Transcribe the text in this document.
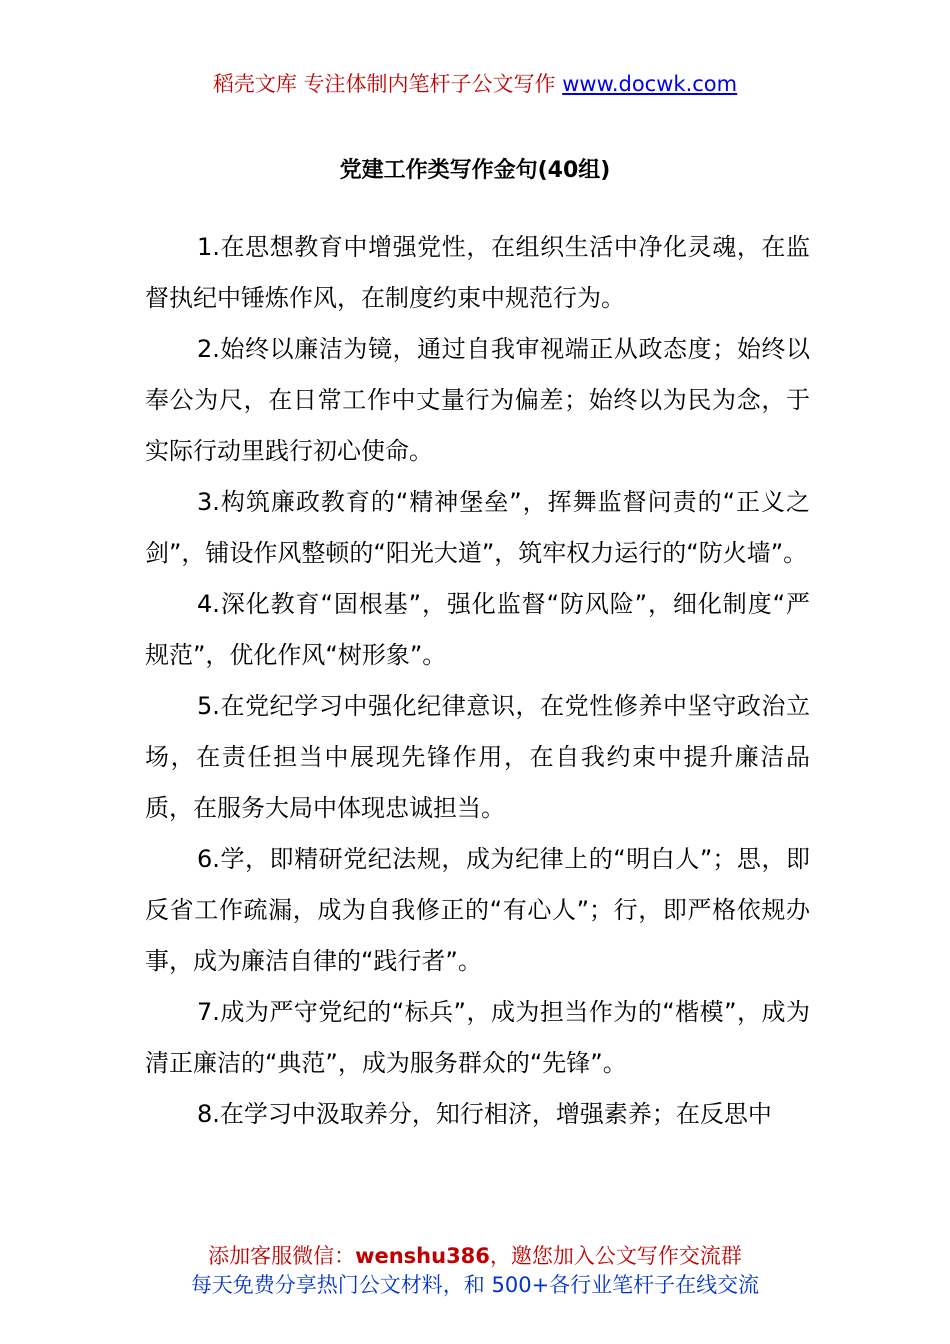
稻壳文库 专注体制内笔杆子公文写作 www.docwk.com
党建工作类写作金句(40组)

1.在思想教育中增强党性，在组织生活中净化灵魂，在监督执纪中锤炼作风，在制度约束中规范行为。

2.始终以廉洁为镜，通过自我审视端正从政态度；始终以奉公为尺，在日常工作中丈量行为偏差；始终以为民为念，于实际行动里践行初心使命。

3.构筑廉政教育的“精神堡垒”，挥舞监督问责的“正义之剑”，铺设作风整顿的“阳光大道”，筑牢权力运行的“防火墙”。

4.深化教育“固根基”，强化监督“防风险”，细化制度“严规范”，优化作风“树形象”。

5.在党纪学习中强化纪律意识，在党性修养中坚守政治立场，在责任担当中展现先锋作用，在自我约束中提升廉洁品质，在服务大局中体现忠诚担当。

6.学，即精研党纪法规，成为纪律上的“明白人”；思，即反省工作疏漏，成为自我修正的“有心人”；行，即严格依规办事，成为廉洁自律的“践行者”。

7.成为严守党纪的“标兵”，成为担当作为的“楷模”，成为清正廉洁的“典范”，成为服务群众的“先锋”。

8.在学习中汲取养分，知行相济，增强素养；在反思中

添加客服微信：wenshu386，邀您加入公文写作交流群
每天免费分享热门公文材料，和 500+各行业笔杆子在线交流
